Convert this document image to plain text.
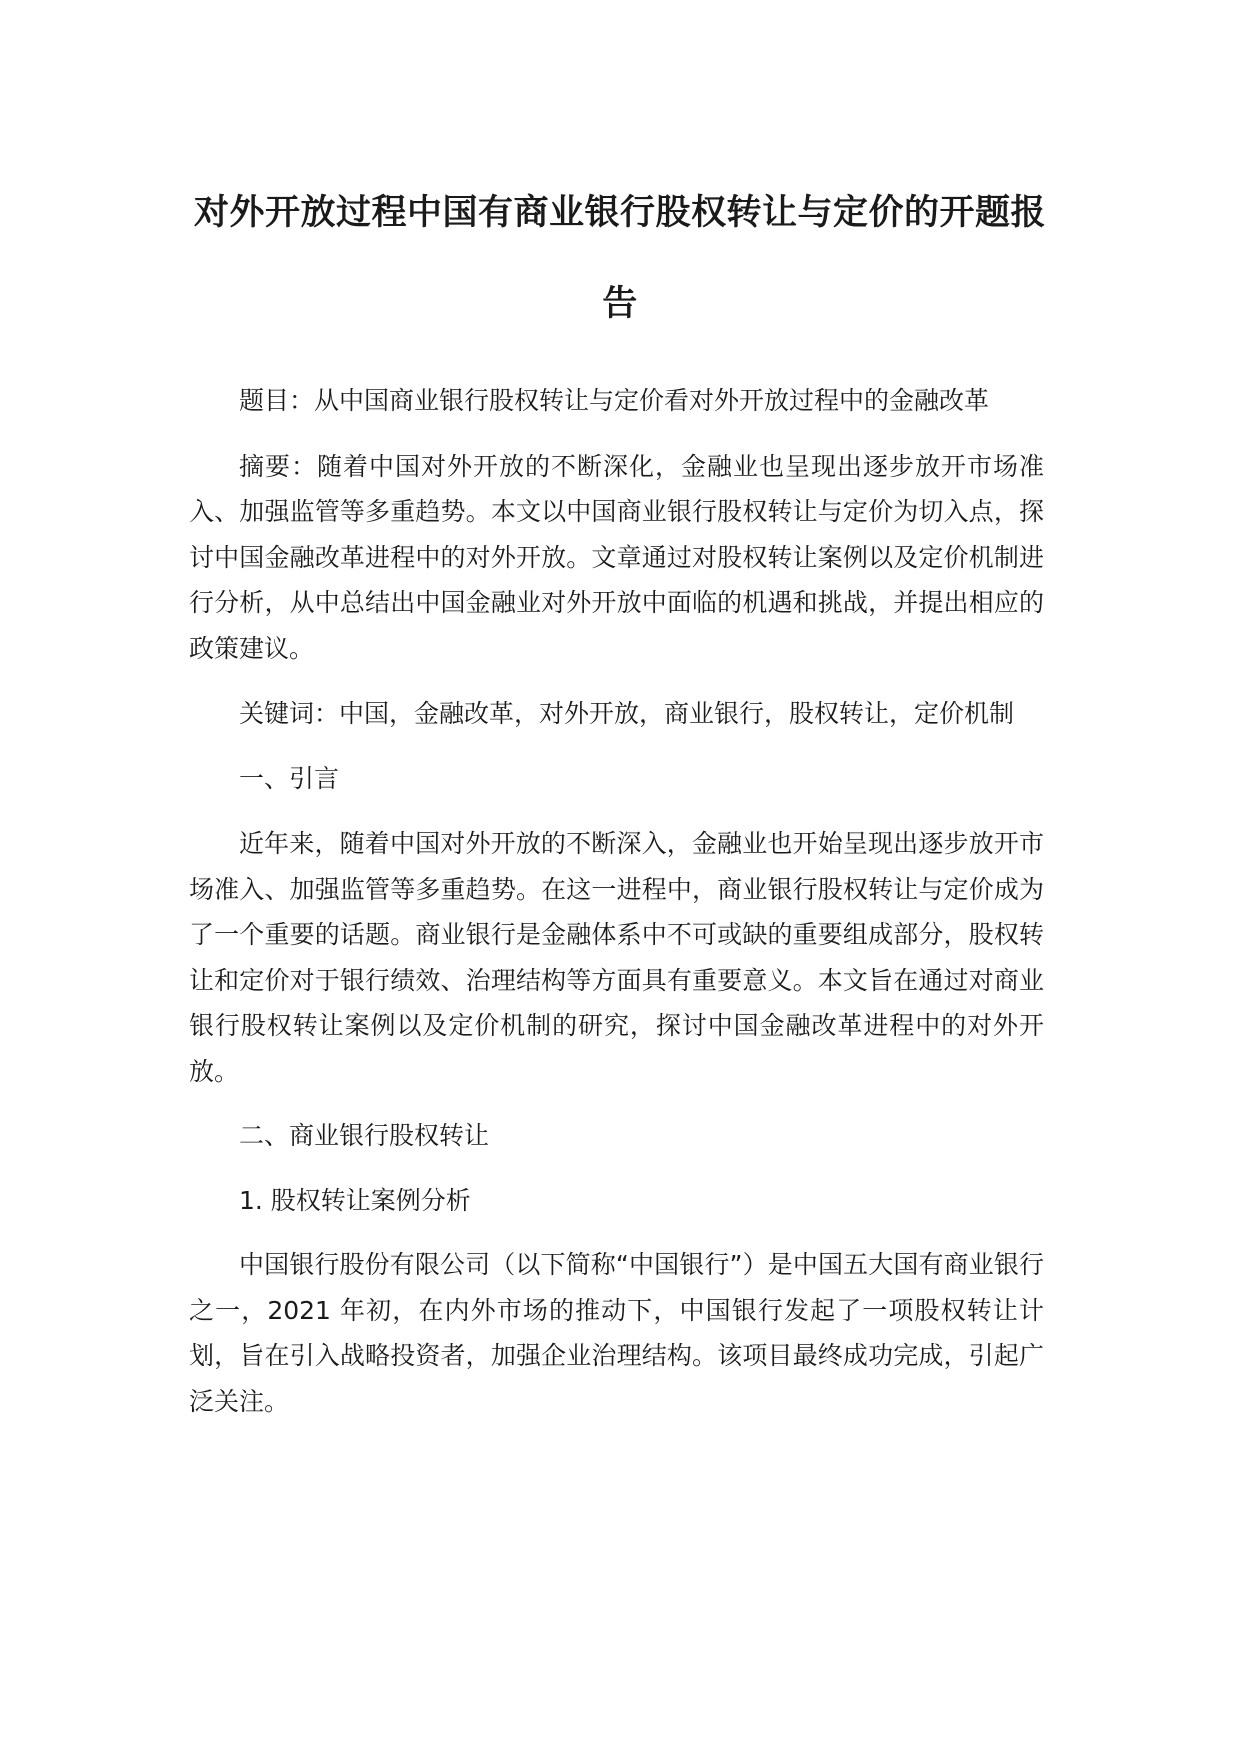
对外开放过程中国有商业银行股权转让与定价的开题报告

题目：从中国商业银行股权转让与定价看对外开放过程中的金融改革

摘要：随着中国对外开放的不断深化，金融业也呈现出逐步放开市场准入、加强监管等多重趋势。本文以中国商业银行股权转让与定价为切入点，探讨中国金融改革进程中的对外开放。文章通过对股权转让案例以及定价机制进行分析，从中总结出中国金融业对外开放中面临的机遇和挑战，并提出相应的政策建议。

关键词：中国，金融改革，对外开放，商业银行，股权转让，定价机制

一、引言

近年来，随着中国对外开放的不断深入，金融业也开始呈现出逐步放开市场准入、加强监管等多重趋势。在这一进程中，商业银行股权转让与定价成为了一个重要的话题。商业银行是金融体系中不可或缺的重要组成部分，股权转让和定价对于银行绩效、治理结构等方面具有重要意义。本文旨在通过对商业银行股权转让案例以及定价机制的研究，探讨中国金融改革进程中的对外开放。

二、商业银行股权转让

1. 股权转让案例分析

中国银行股份有限公司（以下简称“中国银行”）是中国五大国有商业银行之一，2021 年初，在内外市场的推动下，中国银行发起了一项股权转让计划，旨在引入战略投资者，加强企业治理结构。该项目最终成功完成，引起广泛关注。
